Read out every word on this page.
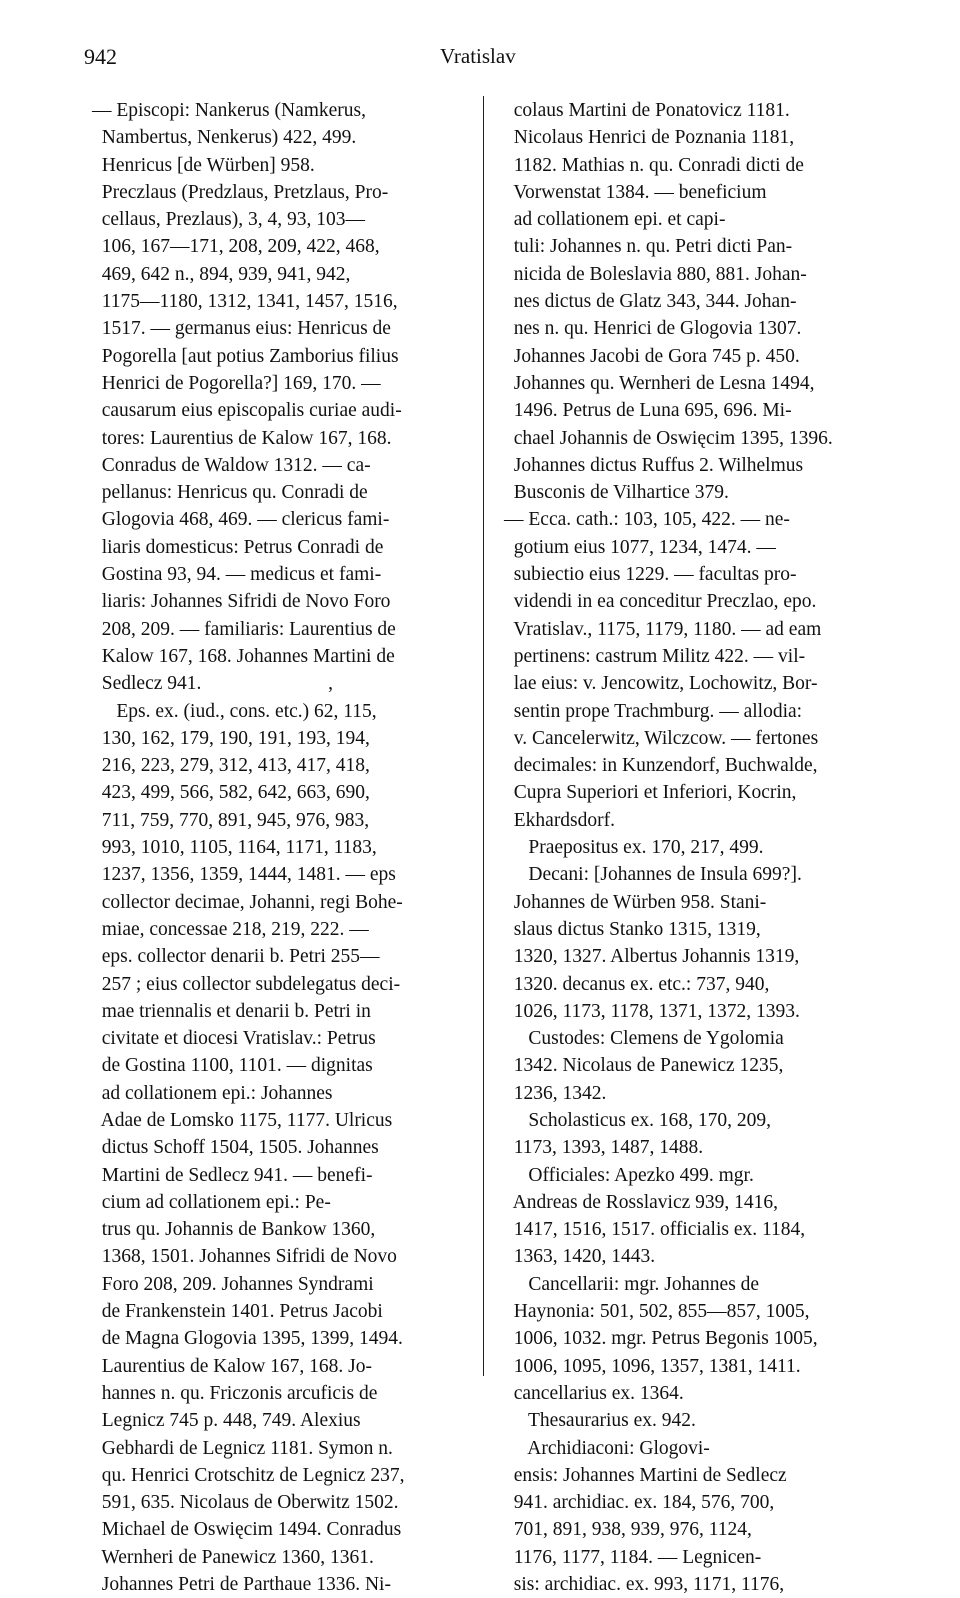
942	Vratislav
— Episcopi: Nankerus (Namkerus,
Nambertus, Nenkerus) 422, 499.
Henricus [de Würben] 958.
Preczlaus (Predzlaus, Pretzlaus, Pro-
cellaus, Prezlaus), 3, 4, 93, 103—
106, 167—171, 208, 209, 422, 468,
469, 642 n., 894, 939, 941, 942,
1175—1180, 1312, 1341, 1457, 1516,
1517. — germanus eius: Henricus de
Pogorella [aut potius Zamborius filius
Henrici de Pogorella?] 169, 170. —
causarum eius episcopalis curiae audi-
tores: Laurentius de Kalow 167, 168.
Conradus de Waldow 1312. — ca-
pellanus: Henricus qu. Conradi de
Glogovia 468, 469. — clericus fami-
liaris domesticus: Petrus Conradi de
Gostina 93, 94. — medicus et fami-
liaris: Johannes Sifridi de Novo Foro
208, 209. — familiaris: Laurentius de
Kalow 167, 168. Johannes Martini de
Sedlecz 941.                          ,
Eps. ex. (iud., cons. etc.) 62, 115,
130, 162, 179, 190, 191, 193, 194,
216, 223, 279, 312, 413, 417, 418,
423, 499, 566, 582, 642, 663, 690,
711, 759, 770, 891, 945, 976, 983,
993, 1010, 1105, 1164, 1171, 1183,
1237, 1356, 1359, 1444, 1481. — eps
collector decimae, Johanni, regi Bohe-
miae, concessae 218, 219, 222. —
eps. collector denarii b. Petri 255—
257 ; eius collector subdelegatus deci-
mae triennalis et denarii b. Petri in
civitate et diocesi Vratislav.: Petrus
de Gostina 1100, 1101. — dignitas
ad collationem epi.: Johannes
Adae de Lomsko 1175, 1177. Ulricus
dictus Schoff 1504, 1505. Johannes
Martini de Sedlecz 941. — benefi-
cium ad collationem epi.: Pe-
trus qu. Johannis de Bankow 1360,
1368, 1501. Johannes Sifridi de Novo
Foro 208, 209. Johannes Syndrami
de Frankenstein 1401. Petrus Jacobi
de Magna Glogovia 1395, 1399, 1494.
Laurentius de Kalow 167, 168. Jo-
hannes n. qu. Friczonis arcuficis de
Legnicz 745 p. 448, 749. Alexius
Gebhardi de Legnicz 1181. Symon n.
qu. Henrici Crotschitz de Legnicz 237,
591, 635. Nicolaus de Oberwitz 1502.
Michael de Oswięcim 1494. Conradus
Wernheri de Panewicz 1360, 1361.
Johannes Petri de Parthaue 1336. Ni-
colaus Martini de Ponatovicz 1181.
Nicolaus Henrici de Poznania 1181,
1182. Mathias n. qu. Conradi dicti de
Vorwenstat 1384. — beneficium
ad collationem epi. et capi-
tuli: Johannes n. qu. Petri dicti Pan-
nicida de Boleslavia 880, 881. Johan-
nes dictus de Glatz 343, 344. Johan-
nes n. qu. Henrici de Glogovia 1307.
Johannes Jacobi de Gora 745 p. 450.
Johannes qu. Wernheri de Lesna 1494,
1496. Petrus de Luna 695, 696. Mi-
chael Johannis de Oswięcim 1395, 1396.
Johannes dictus Ruffus 2. Wilhelmus
Busconis de Vilhartice 379.
— Ecca. cath.: 103, 105, 422. — ne-
gotium eius 1077, 1234, 1474. —
subiectio eius 1229. — facultas pro-
videndi in ea conceditur Preczlao, epo.
Vratislav., 1175, 1179, 1180. — ad eam
pertinens: castrum Militz 422. — vil-
lae eius: v. Jencowitz, Lochowitz, Bor-
sentin prope Trachmburg. — allodia:
v. Cancelerwitz, Wilczcow. — fertones
decimales: in Kunzendorf, Buchwalde,
Cupra Superiori et Inferiori, Kocrin,
Ekhardsdorf.
Praepositus ex. 170, 217, 499.
Decani: [Johannes de Insula 699?].
Johannes de Würben 958. Stani-
slaus dictus Stanko 1315, 1319,
1320, 1327. Albertus Johannis 1319,
1320. decanus ex. etc.: 737, 940,
1026, 1173, 1178, 1371, 1372, 1393.
Custodes: Clemens de Ygolomia
1342. Nicolaus de Panewicz 1235,
1236, 1342.
Scholasticus ex. 168, 170, 209,
1173, 1393, 1487, 1488.
Officiales: Apezko 499. mgr.
Andreas de Rosslavicz 939, 1416,
1417, 1516, 1517. officialis ex. 1184,
1363, 1420, 1443.
Cancellarii: mgr. Johannes de
Haynonia: 501, 502, 855—857, 1005,
1006, 1032. mgr. Petrus Begonis 1005,
1006, 1095, 1096, 1357, 1381, 1411.
cancellarius ex. 1364.
Thesaurarius ex. 942.
Archidiaconi: Glogovi-
ensis: Johannes Martini de Sedlecz
941. archidiac. ex. 184, 576, 700,
701, 891, 938, 939, 976, 1124,
1176, 1177, 1184. — Legnicen-
sis: archidiac. ex. 993, 1171, 1176,
